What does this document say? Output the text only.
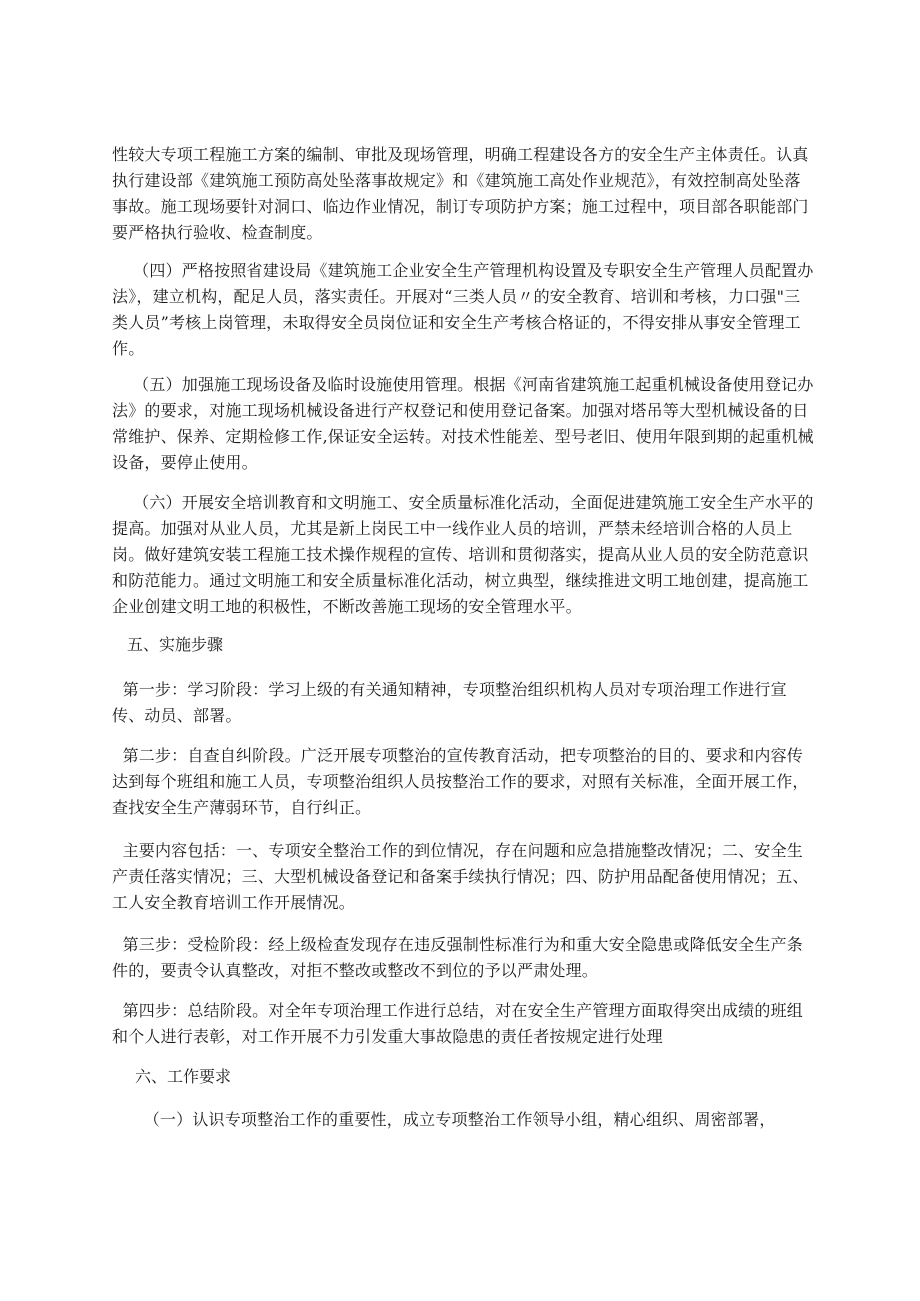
性较大专项工程施工方案的编制、审批及现场管理，明确工程建设各方的安全生产主体责任。认真执行建设部《建筑施工预防高处坠落事故规定》和《建筑施工高处作业规范》，有效控制高处坠落事故。施工现场要针对洞口、临边作业情况，制订专项防护方案；施工过程中，项目部各职能部门要严格执行验收、检查制度。

（四）严格按照省建设局《建筑施工企业安全生产管理机构设置及专职安全生产管理人员配置办法》，建立机构，配足人员，落实责任。开展对“三类人员〃的安全教育、培训和考核，力口强"三类人员”考核上岗管理，未取得安全员岗位证和安全生产考核合格证的，不得安排从事安全管理工作。

（五）加强施工现场设备及临时设施使用管理。根据《河南省建筑施工起重机械设备使用登记办法》的要求，对施工现场机械设备进行产权登记和使用登记备案。加强对塔吊等大型机械设备的日常维护、保养、定期检修工作,保证安全运转。对技术性能差、型号老旧、使用年限到期的起重机械设备，要停止使用。

（六）开展安全培训教育和文明施工、安全质量标准化活动，全面促进建筑施工安全生产水平的提高。加强对从业人员，尤其是新上岗民工中一线作业人员的培训，严禁未经培训合格的人员上岗。做好建筑安装工程施工技术操作规程的宣传、培训和贯彻落实，提高从业人员的安全防范意识和防范能力。通过文明施工和安全质量标准化活动，树立典型，继续推进文明工地创建，提高施工企业创建文明工地的积极性，不断改善施工现场的安全管理水平。

五、实施步骤

第一步：学习阶段：学习上级的有关通知精神，专项整治组织机构人员对专项治理工作进行宣传、动员、部署。

第二步：自查自纠阶段。广泛开展专项整治的宣传教育活动，把专项整治的目的、要求和内容传达到每个班组和施工人员，专项整治组织人员按整治工作的要求，对照有关标准，全面开展工作，查找安全生产薄弱环节，自行纠正。

主要内容包括：一、专项安全整治工作的到位情况，存在问题和应急措施整改情况；二、安全生产责任落实情况；三、大型机械设备登记和备案手续执行情况；四、防护用品配备使用情况；五、工人安全教育培训工作开展情况。

第三步：受检阶段：经上级检查发现存在违反强制性标准行为和重大安全隐患或降低安全生产条件的，要责令认真整改，对拒不整改或整改不到位的予以严肃处理。

第四步：总结阶段。对全年专项治理工作进行总结，对在安全生产管理方面取得突出成绩的班组和个人进行表彰，对工作开展不力引发重大事故隐患的责任者按规定进行处理

六、工作要求

（一）认识专项整治工作的重要性，成立专项整治工作领导小组，精心组织、周密部署，
